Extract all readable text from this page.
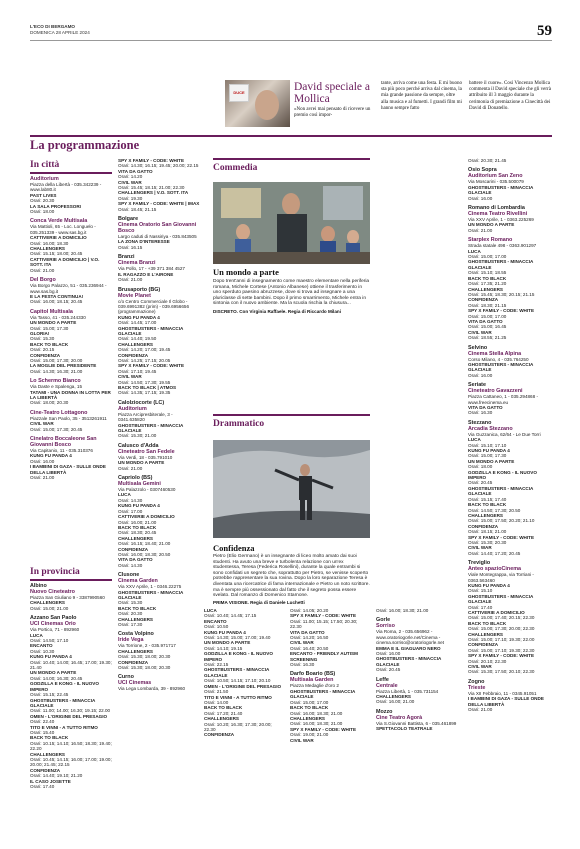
L'ECO DI BERGAMO
DOMENICA 28 APRILE 2024	59
DUCE	David speciale a Mollica
«Non avrei mai pensato di ricevere un premio così impor-
tante, arriva come una festa. E mi buono sta più poco perché arriva dal cinema, la mia grande passione da sempre, oltre alla musica e al fumetti. I grandi film mi hanno sempre fatto
battere il cuore». Così Vincenzo Mollica commenta il David speciale che gli verrà attribuito ill 3 maggio durante la cerimonia di premiazione a Cinecittà dei David di Donatello.
La programmazione
In città
Auditorium
Piazza della Libertà - 035.342239 - www.lab80.it
PAST LIVES
Orari: 20.30
LA SALA PROFESSORI
Orari: 18.00
Conca Verde Multisala
Via Mattioli, 65 - Loc. Longuelo - 035.251339 - www.sas.bg.it
CATTIVERIE A DOMICILIO
Orari: 16.00; 18.30
CHALLENGERS
Orari: 15.15; 18.00; 20.45
CATTIVERIE A DOMICILIO | V.O. SOTT. ITA
Orari: 21.00
Del Borgo
Via Borgo Palazzo, 51 - 035.236944 - www.sas.bg.it
E LA FESTA CONTINUA!
Orari: 16.00; 18.15; 20.45
Capitol Multisala
Via Tasso, 41 - 035.244330
UN MONDO A PARTE
Orari: 15.00; 17.30
GLORIA!
Orari: 15.30
BACK TO BLACK
Orari: 20.15
CONFIDENZA
Orari: 15.00; 17.30; 20.00
LA MOGLIE DEL PRESIDENTE
Orari: 14.30; 16.30; 21.00
Lo Schermo Bianco
Via Daste e Spalenga, 15
TATAMI - UNA DONNA IN LOTTA PER LA LIBERTÀ
Orari: 18.00; 20.30
Cine-Teatro Lottagono
Piazzale San Paolo, 35 - 3513261911
CIVIL WAR
Orari: 15.00; 17.30; 20.45
Cinelatro Boccaleone San Giovanni Bosco
Via Capitanio, 11 - 035.310376
KUNG FU PANDA 4
Orari: 16.00
I BAMBINI DI GAZA - SULLE ONDE DELLA LIBERTÀ
Orari: 21.00
In provincia
Albino
Nuovo Cineteatro
Piazza San Giuliano 9 - 3387990560
CHALLENGERS
Orari: 15.00; 21.00
Azzano San Paolo
UCI Cinemas Orio
Via Portico, 71 - 892960
LUCA
Orari: 14.50; 17.10
ENCANTO
Orari: 10.30
KUNG FU PANDA 4
Orari: 10.40; 14.00; 16.45; 17.00; 19.30; 21.40
UN MONDO A PARTE
Orari: 14.00; 16.30; 20.45
GODZILLA E KONG - IL NUOVO IMPERO
Orari: 15.15; 22.45
GHOSTBUSTERS - MINACCIA GLACIALE
Orari: 11.00; 14.00; 16.30; 19.15; 22.00
OMEN - L'ORIGINE DEL PRESAGIO
Orari: 22.40
TITO E VINNI - A TUTTO RITMO
Orari: 15.40
BACK TO BLACK
Orari: 10.15; 14.10; 16.50; 18.30; 19.40; 22.20
CHALLENGERS
Orari: 10.45; 14.15; 16.00; 17.00; 19.00; 20.00; 21.45; 22.15
CONFIDENZA
Orari: 14.40; 19.10; 21.20
IL CASO JOSETTE
Orari: 17.40
SPY X FAMILY - CODE: WHITE
Orari: 14.30; 16.15; 19.45; 20.00; 22.15
VITA DA GATTO
Orari: 14.20
CIVIL WAR
Orari: 15.45; 18.15; 21.00; 22.30
CHALLENGERS | V.O. SOTT. ITA
Orari: 19.30
SPY X FAMILY - CODE: WHITE | IMAX
Orari: 18.45; 21.15
Bolgare
Cinema Oratorio San Giovanni Bosco
Largo caduti di Nassiriya - 035.843505
LA ZONA D'INTERESSE
Orari: 16.15
Branzi
Cinema Branzi
Via Pollo, 17 - +39 371 384 4527
IL RAGAZZO E L'AIRONE
Orari: 21.00
Brusaporto (BG)
Movie Planet
c/o Centro Commerciale Il Globo - 039.6991382 (prim) - 039.6956656 (programmazione)
KUNG FU PANDA 4
Orari: 14.45; 17.00
GHOSTBUSTERS - MINACCIA GLACIALE
Orari: 14.40; 19.50
CHALLENGERS
Orari: 14.20; 17.00; 19.45
CONFIDENZA
Orari: 14.25; 17.15; 20.05
SPY X FAMILY - CODE: WHITE
Orari: 17.10; 19.45
CIVIL WAR
Orari: 14.50; 17.30; 19.55
BACK TO BLACK | ATMOS
Orari: 14.35; 17.15; 19.35
Calolziocorte (LC)
Auditorium
Piazza Arcipresbiterale, 3 - 0341.635820
GHOSTBUSTERS - MINACCIA GLACIALE
Orari: 15.30; 21.00
Calusco d'Adda
Cineteatro San Fedele
Via Verdi, 18 - 035.791010
UN MONDO A PARTE
Orari: 21.00
Capriolo (BS)
Multisala Gemini
Via Palazzolo - 0307460530
LUCA
Orari: 14.30
KUNG FU PANDA 4
Orari: 17.00
CATTIVERIE A DOMICILIO
Orari: 16.00; 21.00
BACK TO BLACK
Orari: 18.30; 20.45
CHALLENGERS
Orari: 16.15; 18.40; 21.00
CONFIDENZA
Orari: 16.00; 18.30; 20.50
VITA DA GATTO
Orari: 14.30
Clusone
Cinema Garden
Via XXV Aprile, 1 - 0346.22275
GHOSTBUSTERS - MINACCIA GLACIALE
Orari: 15.30
BACK TO BLACK
Orari: 20.30
CHALLENGERS
Orari: 17.30
Costa Volpino
Iride Vega
Via Torrione, 2 - 035.971717
CHALLENGERS
Orari: 15.30; 18.00; 20.30
CONFIDENZA
Orari: 15.30; 18.00; 20.30
Curno
UCI Cinemas
Via Lega Lombarda, 39 - 892960
Commedia
Un mondo a parte
Dopo trent'anni di insegnamento come maestro elementare nella periferia romana, Michele Cortese (Antonio Albanese) ottiene il trasferimento in uno sperduto paesino abruzzese, dove si trova ad insegnare a una pluriclasse di sette bambini. Dopo il primo smarrimento, Michele entra in sintonia con il nuovo ambiente. Ma la scuola rischia la chiusura...
DISCRETO. Con Virginia Raffaele. Regia di Riccardo Milani
Drammatico
Confidenza
Pietro (Elio Germano) è un insegnante di liceo molto amato dai suoi studenti. Ha avuto una breve e turbolenta relazione con un'ex studentessa, Teresa (Federica Rosellini), durante la quale entrambi si sono confidati un segreto che, soprattutto per Pietro, se venisse scoperto potrebbe rappresentare la sua rovina. Dopo la loro separazione Teresa è diventata una ricercatrice di fama internazionale e Pietro un noto scrittore. ma è sempre più ossessionato dal fatto che il segreto possa essere svelato. Dal romanzo di Domenico Starnone.
PRIMA VISIONE. Regia di Daniele Luchetti
LUCA
Orari: 10.40; 14.45; 17.15
ENCANTO
Orari: 10.50
KUNG FU PANDA 4
Orari: 14.30; 15.00; 17.00; 19.40
UN MONDO A PARTE
Orari: 14.10; 19.15
GODZILLA E KONG - IL NUOVO IMPERO
Orari: 22.15
GHOSTBUSTERS - MINACCIA GLACIALE
Orari: 10.50; 14.15; 17.10; 20.10
OMEN - L'ORIGINE DEL PRESAGIO
Orari: 21.50
TITO E VINNI - A TUTTO RITMO
Orari: 14.00
BACK TO BLACK
Orari: 17.20; 21.40
CHALLENGERS
Orari: 10.20; 16.30; 17.30; 20.00; 22.30
CONFIDENZA
Orari: 14.05; 20.20
SPY X FAMILY - CODE: WHITE
Orari: 11.00; 15.15; 17.50; 20.30; 22.30
VITA DA GATTO
Orari: 14.20; 16.50
CIVIL WAR
Orari: 16.40; 20.50
ENCANTO - FRIENDLY AUTISM SCREENING
Orari: 16.30
Darfo Boario (BS)
Multisala Garden
Piazza Medaglie d'oro 2
GHOSTBUSTERS - MINACCIA GLACIALE
Orari: 15.00; 17.00
BACK TO BLACK
Orari: 16.00; 18.30; 21.00
CHALLENGERS
Orari: 16.00; 18.30; 21.00
SPY X FAMILY - CODE: WHITE
Orari: 19.00; 21.00
CIVIL WAR
Orari: 16.00; 18.30; 21.00
Gorle
Sorriso
Via Roma, 2 - 035.656962 - www.oratoriogorle.net/Cinema - cinema.sorriso@oratoriogorle.net
EMMA E IL GIAGUARO NERO
Orari: 16.00
GHOSTBUSTERS - MINACCIA GLACIALE
Orari: 20.45
Leffe
Centrale
Piazza Libertà, 1 - 035.731154
CHALLENGERS
Orari: 16.00; 21.00
Mozzo
Cine Teatro Agorà
Via S.Giovanni Battista, 6 - 035.461899
SPETTACOLO TEATRALE
Orari: 20.30; 21.45
Osio Sopra
Auditorium San Zeno
Via Moscarini - 035.500079
GHOSTBUSTERS - MINACCIA GLACIALE
Orari: 16.00
Romano di Lombardia
Cinema Teatro Rivellini
Via XXV Aprile, 1 - 0363.225269
UN MONDO A PARTE
Orari: 21.00
Starplex Romano
Strada statale 498 - 0363.901297
LUCA
Orari: 15.00; 17.00
GHOSTBUSTERS - MINACCIA GLACIALE
Orari: 15.10; 18.55
BACK TO BLACK
Orari: 17.35; 21.20
CHALLENGERS
Orari: 15.45; 18.30; 20.15; 21.15
CONFIDENZA
Orari: 18.30; 21.15
SPY X FAMILY - CODE: WHITE
Orari: 15.00; 17.00
VITA DA GATTO
Orari: 15.00; 16.45
CIVIL WAR
Orari: 18.55; 21.25
Selvino
Cinema Stella Alpina
Corso Milano, 4 - 035.764250
GHOSTBUSTERS - MINACCIA GLACIALE
Orari: 16.00
Seriate
Cineteatro Gavazzeni
Piazza Cattaneo, 1 - 035.294868 - www.freecinema.eu
VITA DA GATTO
Orari: 16.30
Stezzano
Arcadia Stezzano
Via Guzzanica, 62/64 - Le Due Torri
LUCA
Orari: 15.10; 17.10
KUNG FU PANDA 4
Orari: 15.00; 17.30
UN MONDO A PARTE
Orari: 18.00
GODZILLA E KONG - IL NUOVO IMPERO
Orari: 20.45
GHOSTBUSTERS - MINACCIA GLACIALE
Orari: 15.15; 17.40
BACK TO BLACK
Orari: 14.50; 17.30; 20.50
CHALLENGERS
Orari: 15.00; 17.50; 20.20; 21.10
CONFIDENZA
Orari: 18.15; 21.00
SPY X FAMILY - CODE: WHITE
Orari: 15.30; 20.30
CIVIL WAR
Orari: 14.40; 17.20; 20.45
Treviglio
Anteo spazioCinema
Viale Montegrappa, via Torriani - 0363.563460
KUNG FU PANDA 4
Orari: 15.10
GHOSTBUSTERS - MINACCIA GLACIALE
Orari: 17.40
CATTIVERIE A DOMICILIO
Orari: 15.00; 17.40; 20.15; 22.30
BACK TO BLACK
Orari: 15.00; 17.30; 20.00; 22.30
CHALLENGERS
Orari: 15.00; 17.10; 19.30; 22.00
CONFIDENZA
Orari: 15.00; 17.10; 19.30; 22.30
SPY X FAMILY - CODE: WHITE
Orari: 20.10; 22.30
CIVIL WAR
Orari: 15.30; 17.50; 20.10; 22.30
Zogno
Trieste
Via XII Febbraio, 11 - 0345.91051
I BAMBINI DI GAZA - SULLE ONDE DELLA LIBERTÀ
Orari: 21.00
